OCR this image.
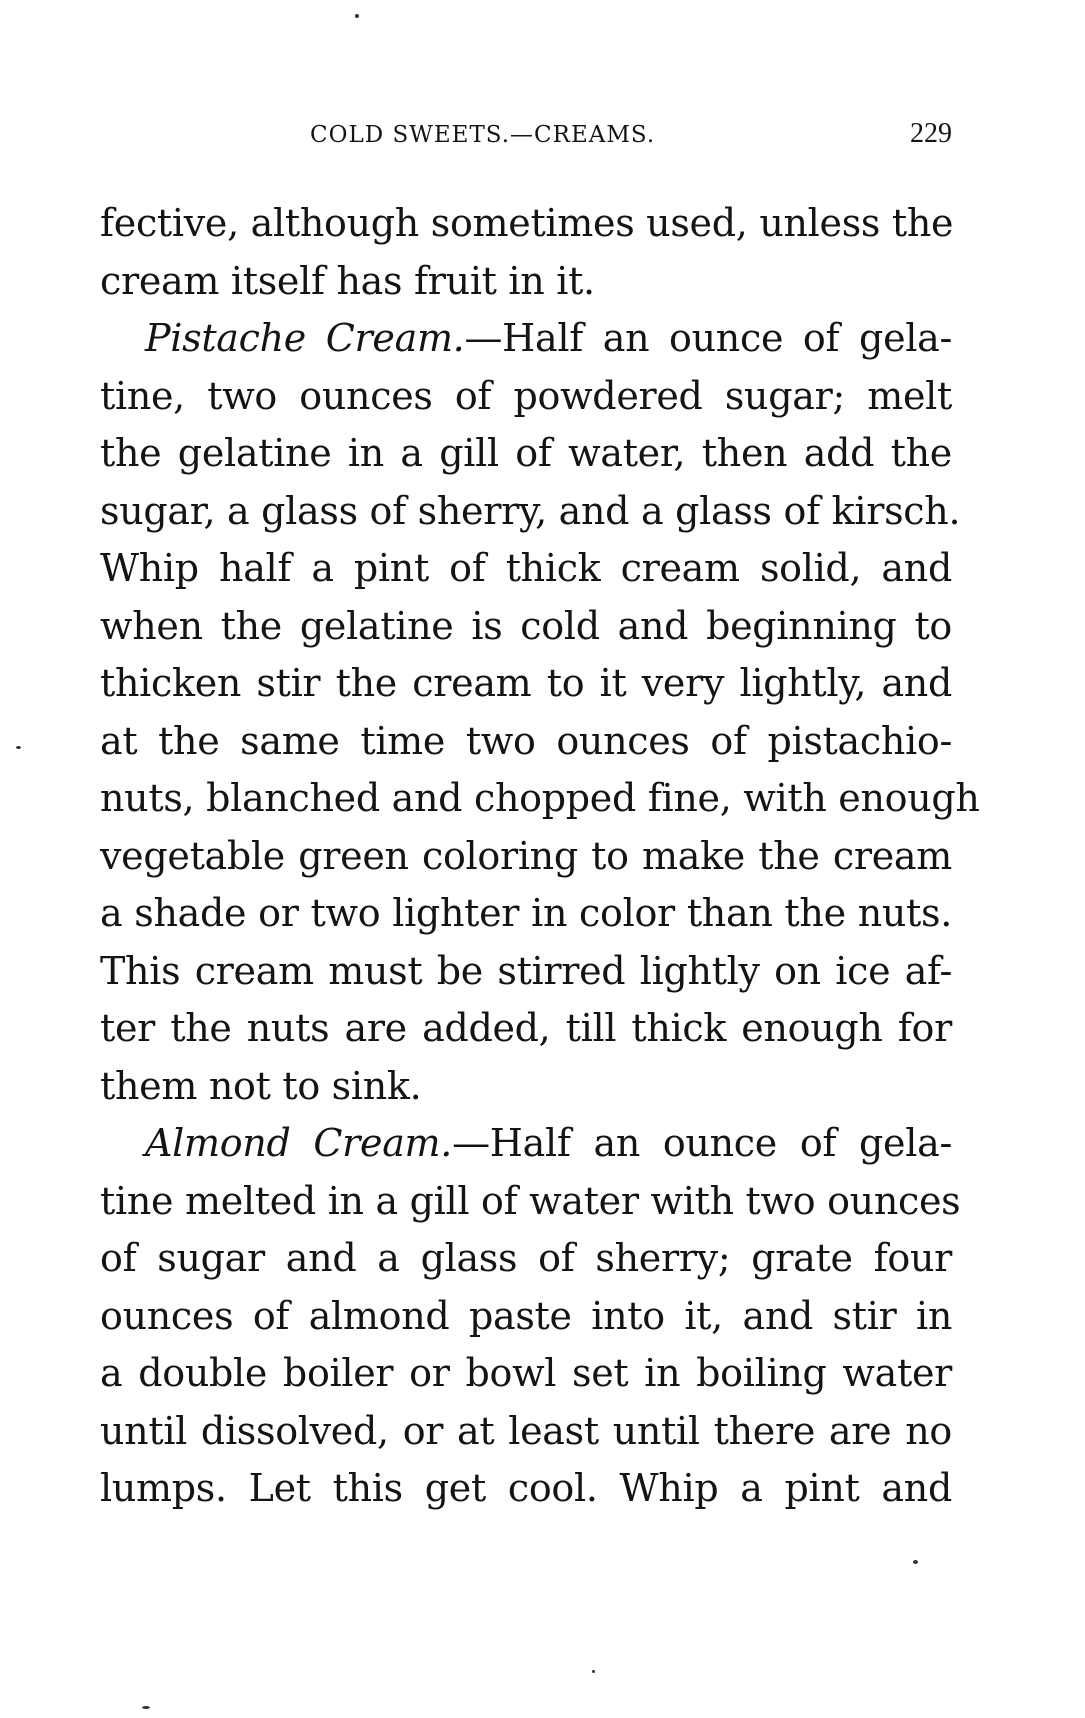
COLD SWEETS.—CREAMS.	229
fective, although sometimes used, unless the
cream itself has fruit in it.
Pistache Cream.—Half an ounce of gela-
tine, two ounces of powdered sugar; melt
the gelatine in a gill of water, then add the
sugar, a glass of sherry, and a glass of kirsch.
Whip half a pint of thick cream solid, and
when the gelatine is cold and beginning to
thicken stir the cream to it very lightly, and
at the same time two ounces of pistachio-
nuts, blanched and chopped fine, with enough
vegetable green coloring to make the cream
a shade or two lighter in color than the nuts.
This cream must be stirred lightly on ice af-
ter the nuts are added, till thick enough for
them not to sink.
Almond Cream.—Half an ounce of gela-
tine melted in a gill of water with two ounces
of sugar and a glass of sherry; grate four
ounces of almond paste into it, and stir in
a double boiler or bowl set in boiling water
until dissolved, or at least until there are no
lumps. Let this get cool. Whip a pint and
